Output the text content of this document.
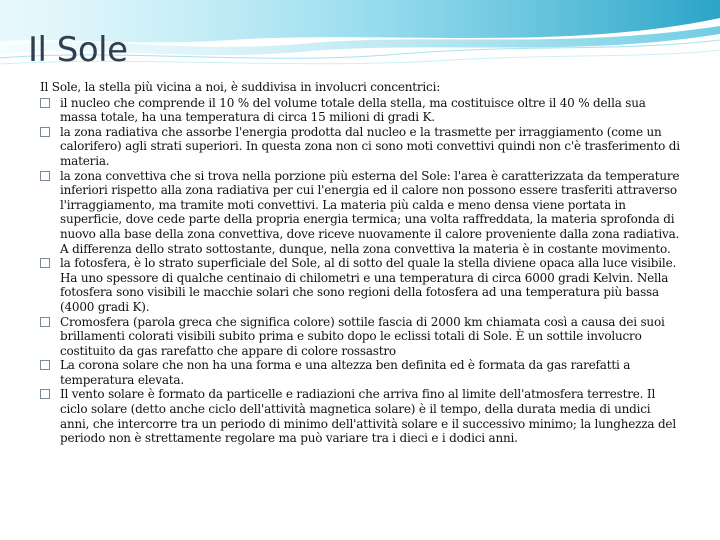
Il Sole

Il Sole, la stella più vicina a noi, è suddivisa in involucri concentrici:

il nucleo che comprende il 10 % del volume totale della stella, ma costituisce oltre il 40 % della sua massa totale, ha una temperatura di circa 15 milioni di gradi K.
la zona radiativa che assorbe l'energia prodotta dal nucleo e la trasmette per irraggiamento (come un calorifero) agli strati superiori. In questa zona non ci sono moti convettivi quindi non c'è trasferimento di materia.
la zona convettiva che si trova nella porzione più esterna del Sole: l'area è caratterizzata da temperature inferiori rispetto alla zona radiativa per cui l'energia ed il calore non possono essere trasferiti attraverso l'irraggiamento, ma tramite moti convettivi. La materia più calda e meno densa viene portata in superficie, dove cede parte della propria energia termica; una volta raffreddata, la materia sprofonda di nuovo alla base della zona convettiva, dove riceve nuovamente il calore proveniente dalla zona radiativa. A differenza dello strato sottostante, dunque, nella zona convettiva la materia è in costante movimento.
la fotosfera, è lo strato superficiale del Sole, al di sotto del quale la stella diviene opaca alla luce visibile. Ha uno spessore di qualche centinaio di chilometri e una temperatura di circa 6000 gradi Kelvin. Nella fotosfera sono visibili le macchie solari che sono regioni della fotosfera ad una temperatura più bassa (4000 gradi K).
Cromosfera (parola greca che significa colore) sottile fascia di 2000 km chiamata così a causa dei suoi brillamenti colorati visibili subito prima e subito dopo le eclissi totali di Sole. È un sottile involucro costituito da gas rarefatto che appare di colore rossastro
La corona solare che non ha una forma e una altezza ben definita ed è formata da gas rarefatti a temperatura elevata.
Il vento solare è formato da particelle e radiazioni che arriva fino al limite dell'atmosfera terrestre. Il ciclo solare (detto anche ciclo dell'attività magnetica solare) è il tempo, della durata media di undici anni, che intercorre tra un periodo di minimo dell'attività solare e il successivo minimo; la lunghezza del periodo non è strettamente regolare ma può variare tra i dieci e i dodici anni.
